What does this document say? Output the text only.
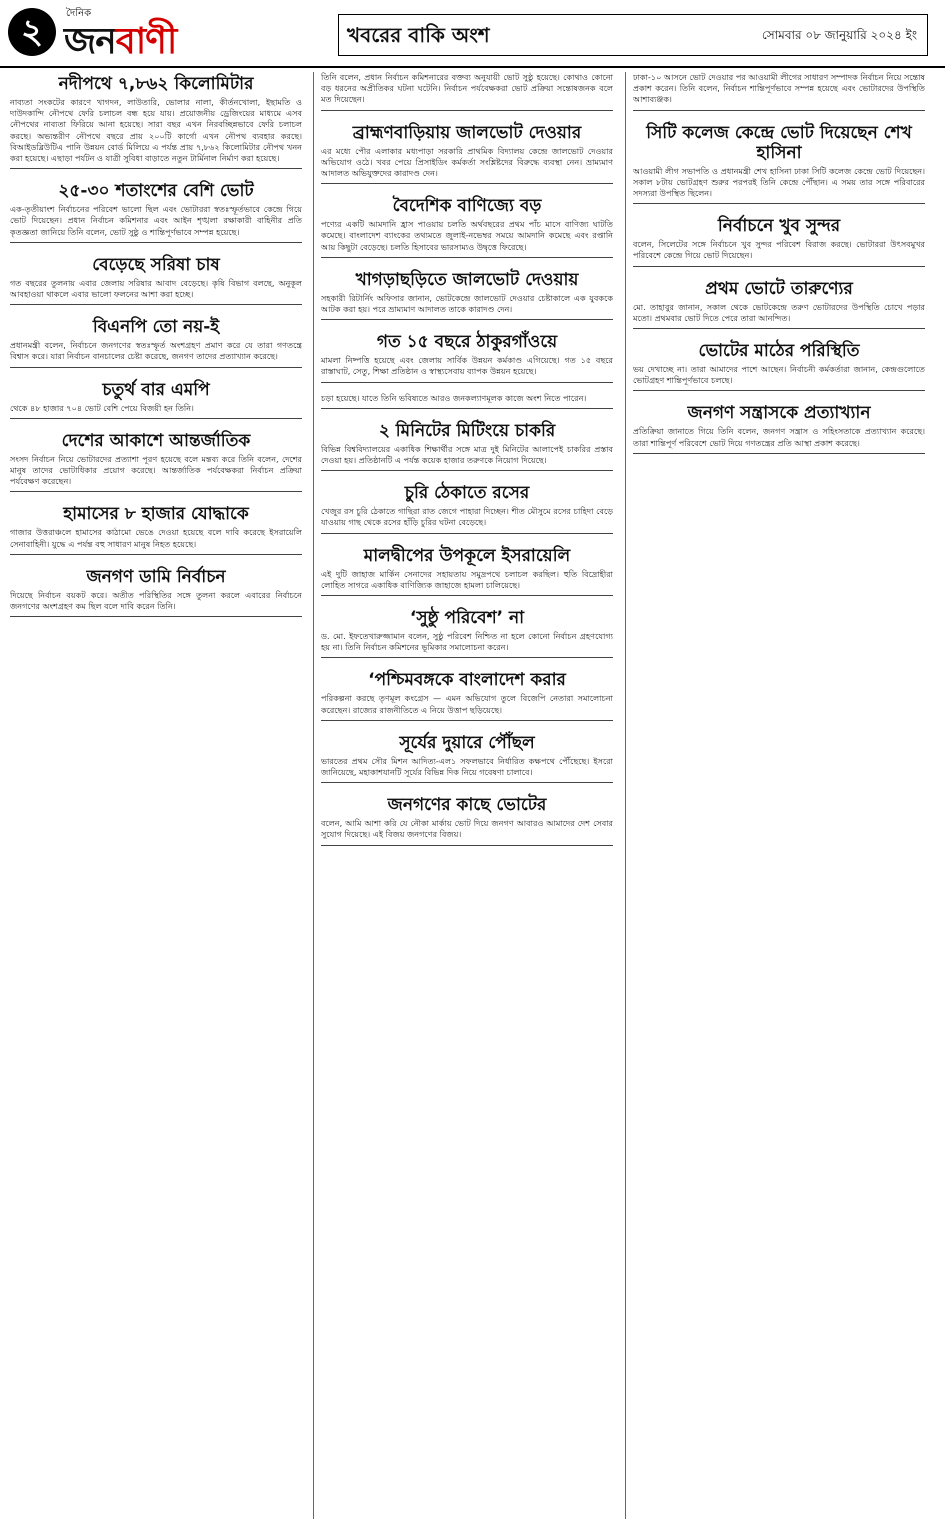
২	দৈনিক
জনবাণী	খবরের বাকি অংশ	সোমবার ০৮ জানুয়ারি ২০২৪ ইং
নদীপথে ৭,৮৬২ কিলোমিটার

নাব্যতা সংকটের কারণে খাগদন, লাউতারি, ভোলার নালা, কীর্তনখোলা, ইছামতি ও দাউদকান্দি নৌপথে ফেরি চলাচল বন্ধ হয়ে যায়। প্রয়োজনীয় ড্রেজিংয়ের মাধ্যমে এসব নৌপথের নাব্যতা ফিরিয়ে আনা হয়েছে। সারা বছর এখন নিরবচ্ছিন্নভাবে ফেরি চলাচল করছে। অভ্যন্তরীণ নৌপথে বছরে প্রায় ২০০টি কার্গো এখন নৌপথ ব্যবহার করছে। বিআইডব্লিউটিএ পানি উন্নয়ন বোর্ড মিলিয়ে এ পর্যন্ত প্রায় ৭,৮৬২ কিলোমিটার নৌপথ খনন করা হয়েছে। এছাড়া পর্যটন ও যাত্রী সুবিধা বাড়াতে নতুন টার্মিনাল নির্মাণ করা হয়েছে।

২৫-৩০ শতাংশের বেশি ভোট

এক-তৃতীয়াংশ নির্বাচনের পরিবেশ ভালো ছিল এবং ভোটাররা স্বতঃস্ফূর্তভাবে কেন্দ্রে গিয়ে ভোট দিয়েছেন। প্রধান নির্বাচন কমিশনার এবং আইন শৃঙ্খলা রক্ষাকারী বাহিনীর প্রতি কৃতজ্ঞতা জানিয়ে তিনি বলেন, ভোট সুষ্ঠু ও শান্তিপূর্ণভাবে সম্পন্ন হয়েছে।

বেড়েছে সরিষা চাষ

গত বছরের তুলনায় এবার জেলায় সরিষার আবাদ বেড়েছে। কৃষি বিভাগ বলছে, অনুকূল আবহাওয়া থাকলে এবার ভালো ফলনের আশা করা হচ্ছে।

বিএনপি তো নয়-ই

প্রধানমন্ত্রী বলেন, নির্বাচনে জনগণের স্বতঃস্ফূর্ত অংশগ্রহণ প্রমাণ করে যে তারা গণতন্ত্রে বিশ্বাস করে। যারা নির্বাচন বানচালের চেষ্টা করেছে, জনগণ তাদের প্রত্যাখ্যান করেছে।

চতুর্থ বার এমপি

থেকে ৪৮ হাজার ৭০৪ ভোট বেশি পেয়ে বিজয়ী হন তিনি।

দেশের আকাশে আন্তর্জাতিক

সংসদ নির্বাচন নিয়ে ভোটারদের প্রত্যাশা পূরণ হয়েছে বলে মন্তব্য করে তিনি বলেন, দেশের মানুষ তাদের ভোটাধিকার প্রয়োগ করেছে। আন্তর্জাতিক পর্যবেক্ষকরা নির্বাচন প্রক্রিয়া পর্যবেক্ষণ করেছেন।

হামাসের ৮ হাজার যোদ্ধাকে

গাজার উত্তরাঞ্চলে হামাসের কাঠামো ভেঙে দেওয়া হয়েছে বলে দাবি করেছে ইসরায়েলি সেনাবাহিনী। যুদ্ধে এ পর্যন্ত বহু সাধারণ মানুষ নিহত হয়েছে।

জনগণ ডামি নির্বাচন

দিয়েছে নির্বাচন বয়কট করে। অতীত পরিস্থিতির সঙ্গে তুলনা করলে এবারের নির্বাচনে জনগণের অংশগ্রহণ কম ছিল বলে দাবি করেন তিনি।

তিনি বলেন, প্রধান নির্বাচন কমিশনারের বক্তব্য অনুযায়ী ভোট সুষ্ঠু হয়েছে। কোথাও কোনো বড় ধরনের অপ্রীতিকর ঘটনা ঘটেনি। নির্বাচন পর্যবেক্ষকরা ভোট প্রক্রিয়া সন্তোষজনক বলে মত দিয়েছেন।

ব্রাহ্মণবাড়িয়ায় জালভোট দেওয়ার

এর মধ্যে পৌর এলাকার মধ্যপাড়া সরকারি প্রাথমিক বিদ্যালয় কেন্দ্রে জালভোট দেওয়ার অভিযোগ ওঠে। খবর পেয়ে প্রিসাইডিং কর্মকর্তা সংশ্লিষ্টদের বিরুদ্ধে ব্যবস্থা নেন। ভ্রাম্যমাণ আদালত অভিযুক্তদের কারাদণ্ড দেন।

বৈদেশিক বাণিজ্যে বড়

পণ্যের একটি আমদানি হ্রাস পাওয়ায় চলতি অর্থবছরের প্রথম পাঁচ মাসে বাণিজ্য ঘাটতি কমেছে। বাংলাদেশ ব্যাংকের তথ্যমতে জুলাই-নভেম্বর সময়ে আমদানি কমেছে এবং রপ্তানি আয় কিছুটা বেড়েছে। চলতি হিসাবের ভারসাম্যও উদ্বৃত্তে ফিরেছে।

খাগড়াছড়িতে জালভোট দেওয়ায়

সহকারী রিটার্নিং অফিসার জানান, ভোটকেন্দ্রে জালভোট দেওয়ার চেষ্টাকালে এক যুবককে আটক করা হয়। পরে ভ্রাম্যমাণ আদালত তাকে কারাদণ্ড দেন।

গত ১৫ বছরে ঠাকুরগাঁওয়ে

মামলা নিষ্পত্তি হয়েছে এবং জেলায় সার্বিক উন্নয়ন কর্মকাণ্ড এগিয়েছে। গত ১৫ বছরে রাস্তাঘাট, সেতু, শিক্ষা প্রতিষ্ঠান ও স্বাস্থ্যসেবায় ব্যাপক উন্নয়ন হয়েছে।

চড়া হয়েছে। যাতে তিনি ভবিষ্যতে আরও জনকল্যাণমূলক কাজে অংশ নিতে পারেন।

২ মিনিটের মিটিংয়ে চাকরি

বিভিন্ন বিশ্ববিদ্যালয়ের একাধিক শিক্ষার্থীর সঙ্গে মাত্র দুই মিনিটের আলাপেই চাকরির প্রস্তাব দেওয়া হয়। প্রতিষ্ঠানটি এ পর্যন্ত কয়েক হাজার তরুণকে নিয়োগ দিয়েছে।

চুরি ঠেকাতে রসের

খেজুর রস চুরি ঠেকাতে গাছিরা রাত জেগে পাহারা দিচ্ছেন। শীত মৌসুমে রসের চাহিদা বেড়ে যাওয়ায় গাছ থেকে রসের হাঁড়ি চুরির ঘটনা বেড়েছে।

মালদ্বীপের উপকূলে ইসরায়েলি

এই দুটি জাহাজ মার্কিন সেনাদের সহায়তায় সমুদ্রপথে চলাচল করছিল। হুতি বিদ্রোহীরা লোহিত সাগরে একাধিক বাণিজ্যিক জাহাজে হামলা চালিয়েছে।

‘সুষ্ঠু পরিবেশ’ না

ড. মো. ইফতেখারুজ্জামান বলেন, সুষ্ঠু পরিবেশ নিশ্চিত না হলে কোনো নির্বাচন গ্রহণযোগ্য হয় না। তিনি নির্বাচন কমিশনের ভূমিকার সমালোচনা করেন।

‘পশ্চিমবঙ্গকে বাংলাদেশ করার

পরিকল্পনা করছে তৃণমূল কংগ্রেস — এমন অভিযোগ তুলে বিজেপি নেতারা সমালোচনা করেছেন। রাজ্যের রাজনীতিতে এ নিয়ে উত্তাপ ছড়িয়েছে।

সূর্যের দুয়ারে পৌঁছল

ভারতের প্রথম সৌর মিশন আদিত্য-এল১ সফলভাবে নির্ধারিত কক্ষপথে পৌঁছেছে। ইসরো জানিয়েছে, মহাকাশযানটি সূর্যের বিভিন্ন দিক নিয়ে গবেষণা চালাবে।

জনগণের কাছে ভোটের

বলেন, আমি আশা করি যে নৌকা মার্কায় ভোট দিয়ে জনগণ আবারও আমাদের দেশ সেবার সুযোগ দিয়েছে। এই বিজয় জনগণের বিজয়।

ঢাকা-১০ আসনে ভোট দেওয়ার পর আওয়ামী লীগের সাধারণ সম্পাদক নির্বাচন নিয়ে সন্তোষ প্রকাশ করেন। তিনি বলেন, নির্বাচন শান্তিপূর্ণভাবে সম্পন্ন হয়েছে এবং ভোটারদের উপস্থিতি আশাব্যঞ্জক।

সিটি কলেজ কেন্দ্রে ভোট দিয়েছেন শেখ হাসিনা

আওয়ামী লীগ সভাপতি ও প্রধানমন্ত্রী শেখ হাসিনা ঢাকা সিটি কলেজ কেন্দ্রে ভোট দিয়েছেন। সকাল ৮টায় ভোটগ্রহণ শুরুর পরপরই তিনি কেন্দ্রে পৌঁছান। এ সময় তার সঙ্গে পরিবারের সদস্যরা উপস্থিত ছিলেন।

নির্বাচনে খুব সুন্দর

বলেন, সিলেটের সঙ্গে নির্বাচনে খুব সুন্দর পরিবেশ বিরাজ করছে। ভোটাররা উৎসবমুখর পরিবেশে কেন্দ্রে গিয়ে ভোট দিয়েছেন।

প্রথম ভোটে তারুণ্যের

মো. তাহাবুর জানান, সকাল থেকে ভোটকেন্দ্রে তরুণ ভোটারদের উপস্থিতি চোখে পড়ার মতো। প্রথমবার ভোট দিতে পেরে তারা আনন্দিত।

ভোটের মাঠের পরিস্থিতি

ভয় দেখাচ্ছে না। তারা আমাদের পাশে আছেন। নির্বাচনী কর্মকর্তারা জানান, কেন্দ্রগুলোতে ভোটগ্রহণ শান্তিপূর্ণভাবে চলছে।

জনগণ সন্ত্রাসকে প্রত্যাখ্যান

প্রতিক্রিয়া জানাতে গিয়ে তিনি বলেন, জনগণ সন্ত্রাস ও সহিংসতাকে প্রত্যাখ্যান করেছে। তারা শান্তিপূর্ণ পরিবেশে ভোট দিয়ে গণতন্ত্রের প্রতি আস্থা প্রকাশ করেছে।
